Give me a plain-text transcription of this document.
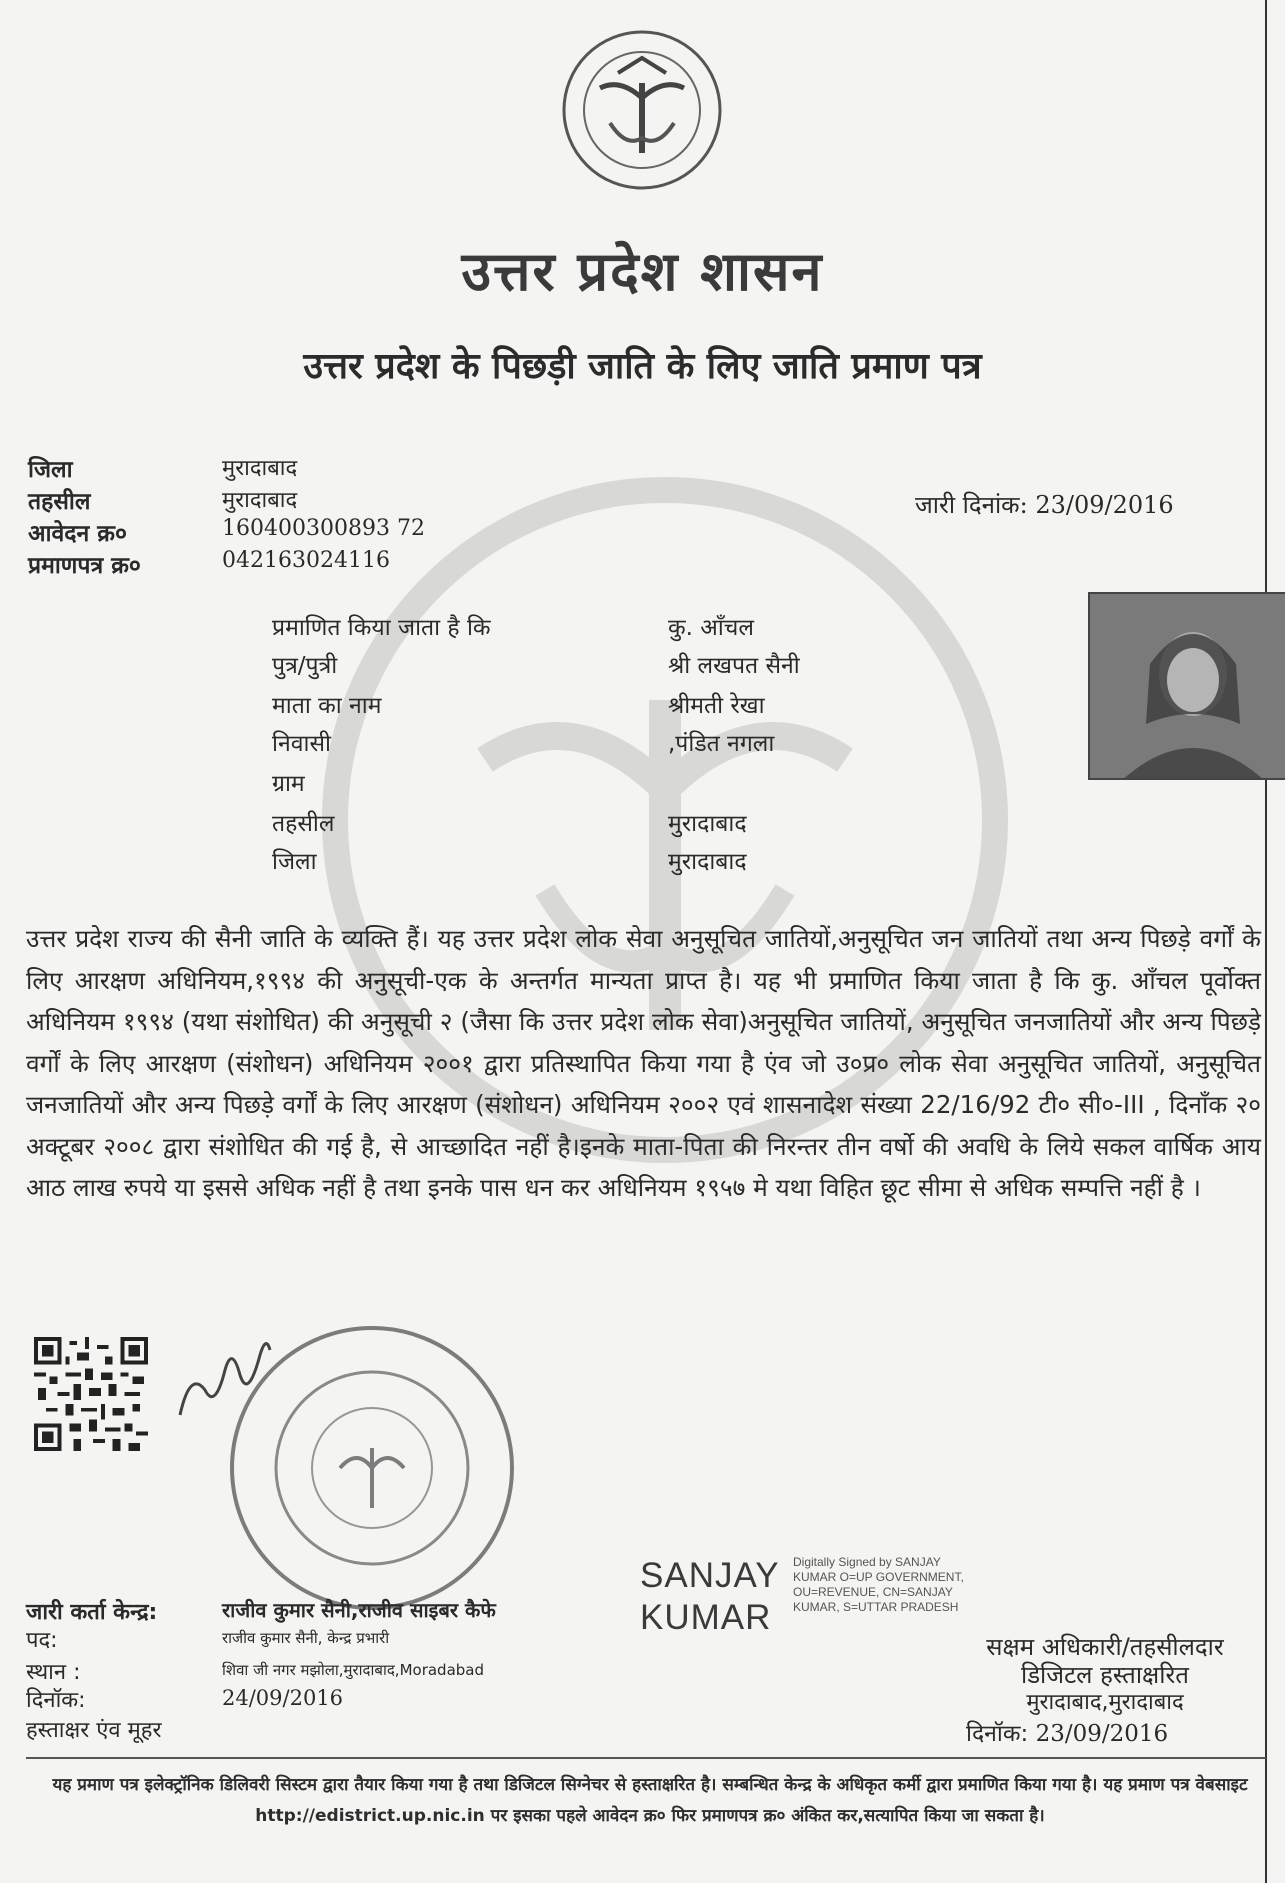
उत्तर प्रदेश शासन
उत्तर प्रदेश के पिछड़ी जाति के लिए जाति प्रमाण पत्र
जिला	मुरादाबाद
तहसील	मुरादाबाद
आवेदन क्र०	160400300893 72
प्रमाणपत्र क्र०	042163024116
जारी दिनांक: 23/09/2016
प्रमाणित किया जाता है कि	कु. आँचल
पुत्र/पुत्री	श्री लखपत सैनी
माता का नाम	श्रीमती रेखा
निवासी	,पंडित नगला
ग्राम
तहसील	मुरादाबाद
जिला	मुरादाबाद
उत्तर प्रदेश राज्य की सैनी जाति के व्यक्ति हैं। यह उत्तर प्रदेश लोक सेवा अनुसूचित जातियों,अनुसूचित जन जातियों तथा अन्य पिछड़े वर्गों के लिए आरक्षण अधिनियम,१९९४ की अनुसूची-एक के अन्तर्गत मान्यता प्राप्त है। यह भी प्रमाणित किया जाता है कि कु. आँचल पूर्वोक्त अधिनियम १९९४ (यथा संशोधित) की अनुसूची २ (जैसा कि उत्तर प्रदेश लोक सेवा)अनुसूचित जातियों, अनुसूचित जनजातियों और अन्य पिछड़े वर्गों के लिए आरक्षण (संशोधन) अधिनियम २००१ द्वारा प्रतिस्थापित किया गया है एंव जो उ०प्र० लोक सेवा अनुसूचित जातियों, अनुसूचित जनजातियों और अन्य पिछड़े वर्गों के लिए आरक्षण (संशोधन) अधिनियम २००२ एवं शासनादेश संख्या 22/16/92 टी० सी०-III , दिनाँक २० अक्टूबर २००८ द्वारा संशोधित की गई है, से आच्छादित नहीं है।इनके माता-पिता की निरन्तर तीन वर्षो की अवधि के लिये सकल वार्षिक आय आठ लाख रुपये या इससे अधिक नहीं है तथा इनके पास धन कर अधिनियम १९५७ मे यथा विहित छूट सीमा से अधिक सम्पत्ति नहीं है ।
जारी कर्ता केन्द्र:	राजीव कुमार सैनी,राजीव साइबर कैफे
पद:	राजीव कुमार सैनी, केन्द्र प्रभारी
स्थान :	शिवा जी नगर मझोला,मुरादाबाद,Moradabad
दिनॉक:	24/09/2016
हस्ताक्षर एंव मूहर
SANJAY
KUMAR
Digitally Signed by SANJAY KUMAR O=UP GOVERNMENT, OU=REVENUE, CN=SANJAY KUMAR, S=UTTAR PRADESH
सक्षम अधिकारी/तहसीलदार
डिजिटल हस्ताक्षरित
मुरादाबाद,मुरादाबाद
दिनॉक: 23/09/2016
यह प्रमाण पत्र इलेक्ट्रॉनिक डिलिवरी सिस्टम द्वारा तैयार किया गया है तथा डिजिटल सिग्नेचर से हस्ताक्षरित है। सम्बन्धित केन्द्र के अधिकृत कर्मी द्वारा प्रमाणित किया गया है। यह प्रमाण पत्र वेबसाइट http://edistrict.up.nic.in पर इसका पहले आवेदन क्र० फिर प्रमाणपत्र क्र० अंकित कर,सत्यापित किया जा सकता है।
